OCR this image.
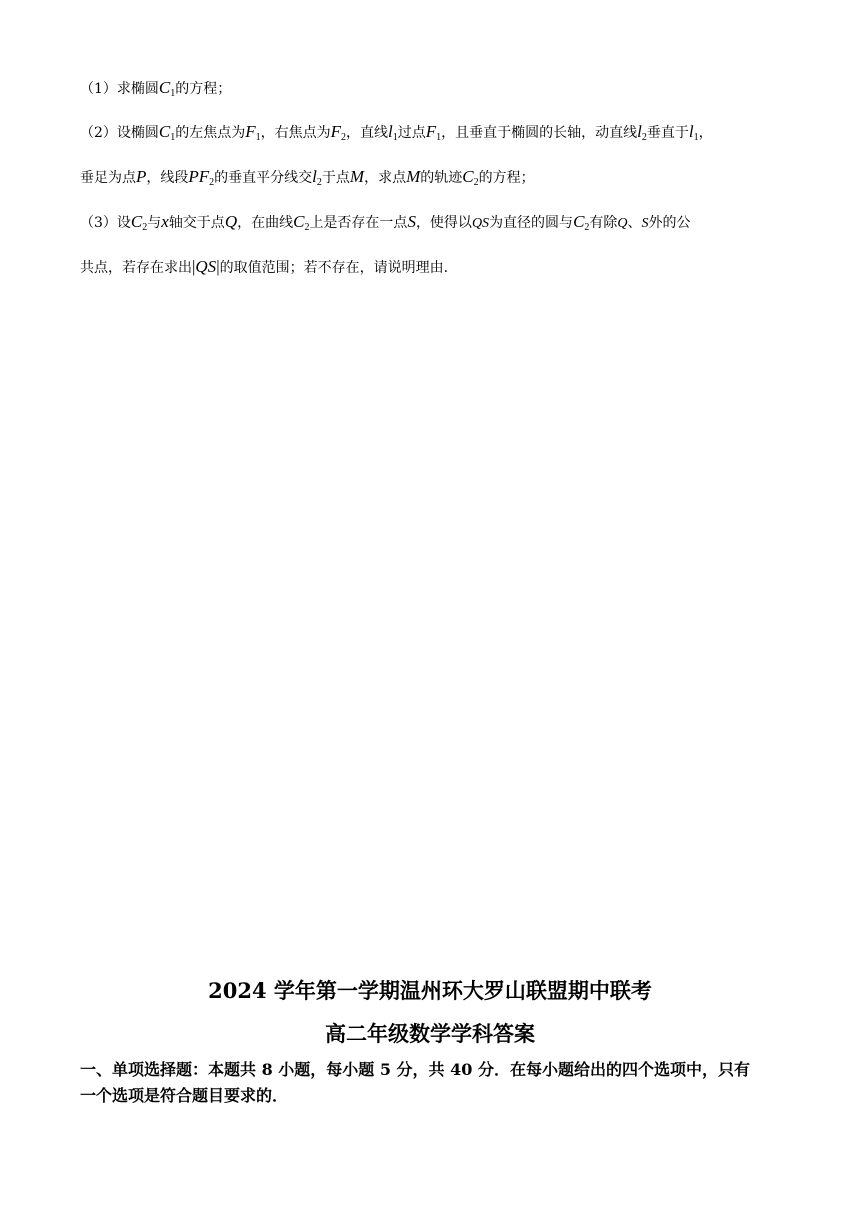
（1）求椭圆$C_1$的方程；
（2）设椭圆$C_1$的左焦点为$F_1$，右焦点为$F_2$，直线$l_1$过点$F_1$，且垂直于椭圆的长轴，动直线$l_2$垂直于$l_1$，
垂足为点P，线段$PF_2$的垂直平分线交$l_2$于点M，求点M的轨迹$C_2$的方程；
（3）设$C_2$与x轴交于点Q，在曲线$C_2$上是否存在一点S，使得以QS为直径的圆与$C_2$有除Q、S外的公
共点，若存在求出|QS|的取值范围；若不存在，请说明理由.
2024 学年第一学期温州环大罗山联盟期中联考
高二年级数学学科答案
一、单项选择题：本题共 8 小题，每小题 5 分，共 40 分．在每小题给出的四个选项中，只有
一个选项是符合题目要求的．
